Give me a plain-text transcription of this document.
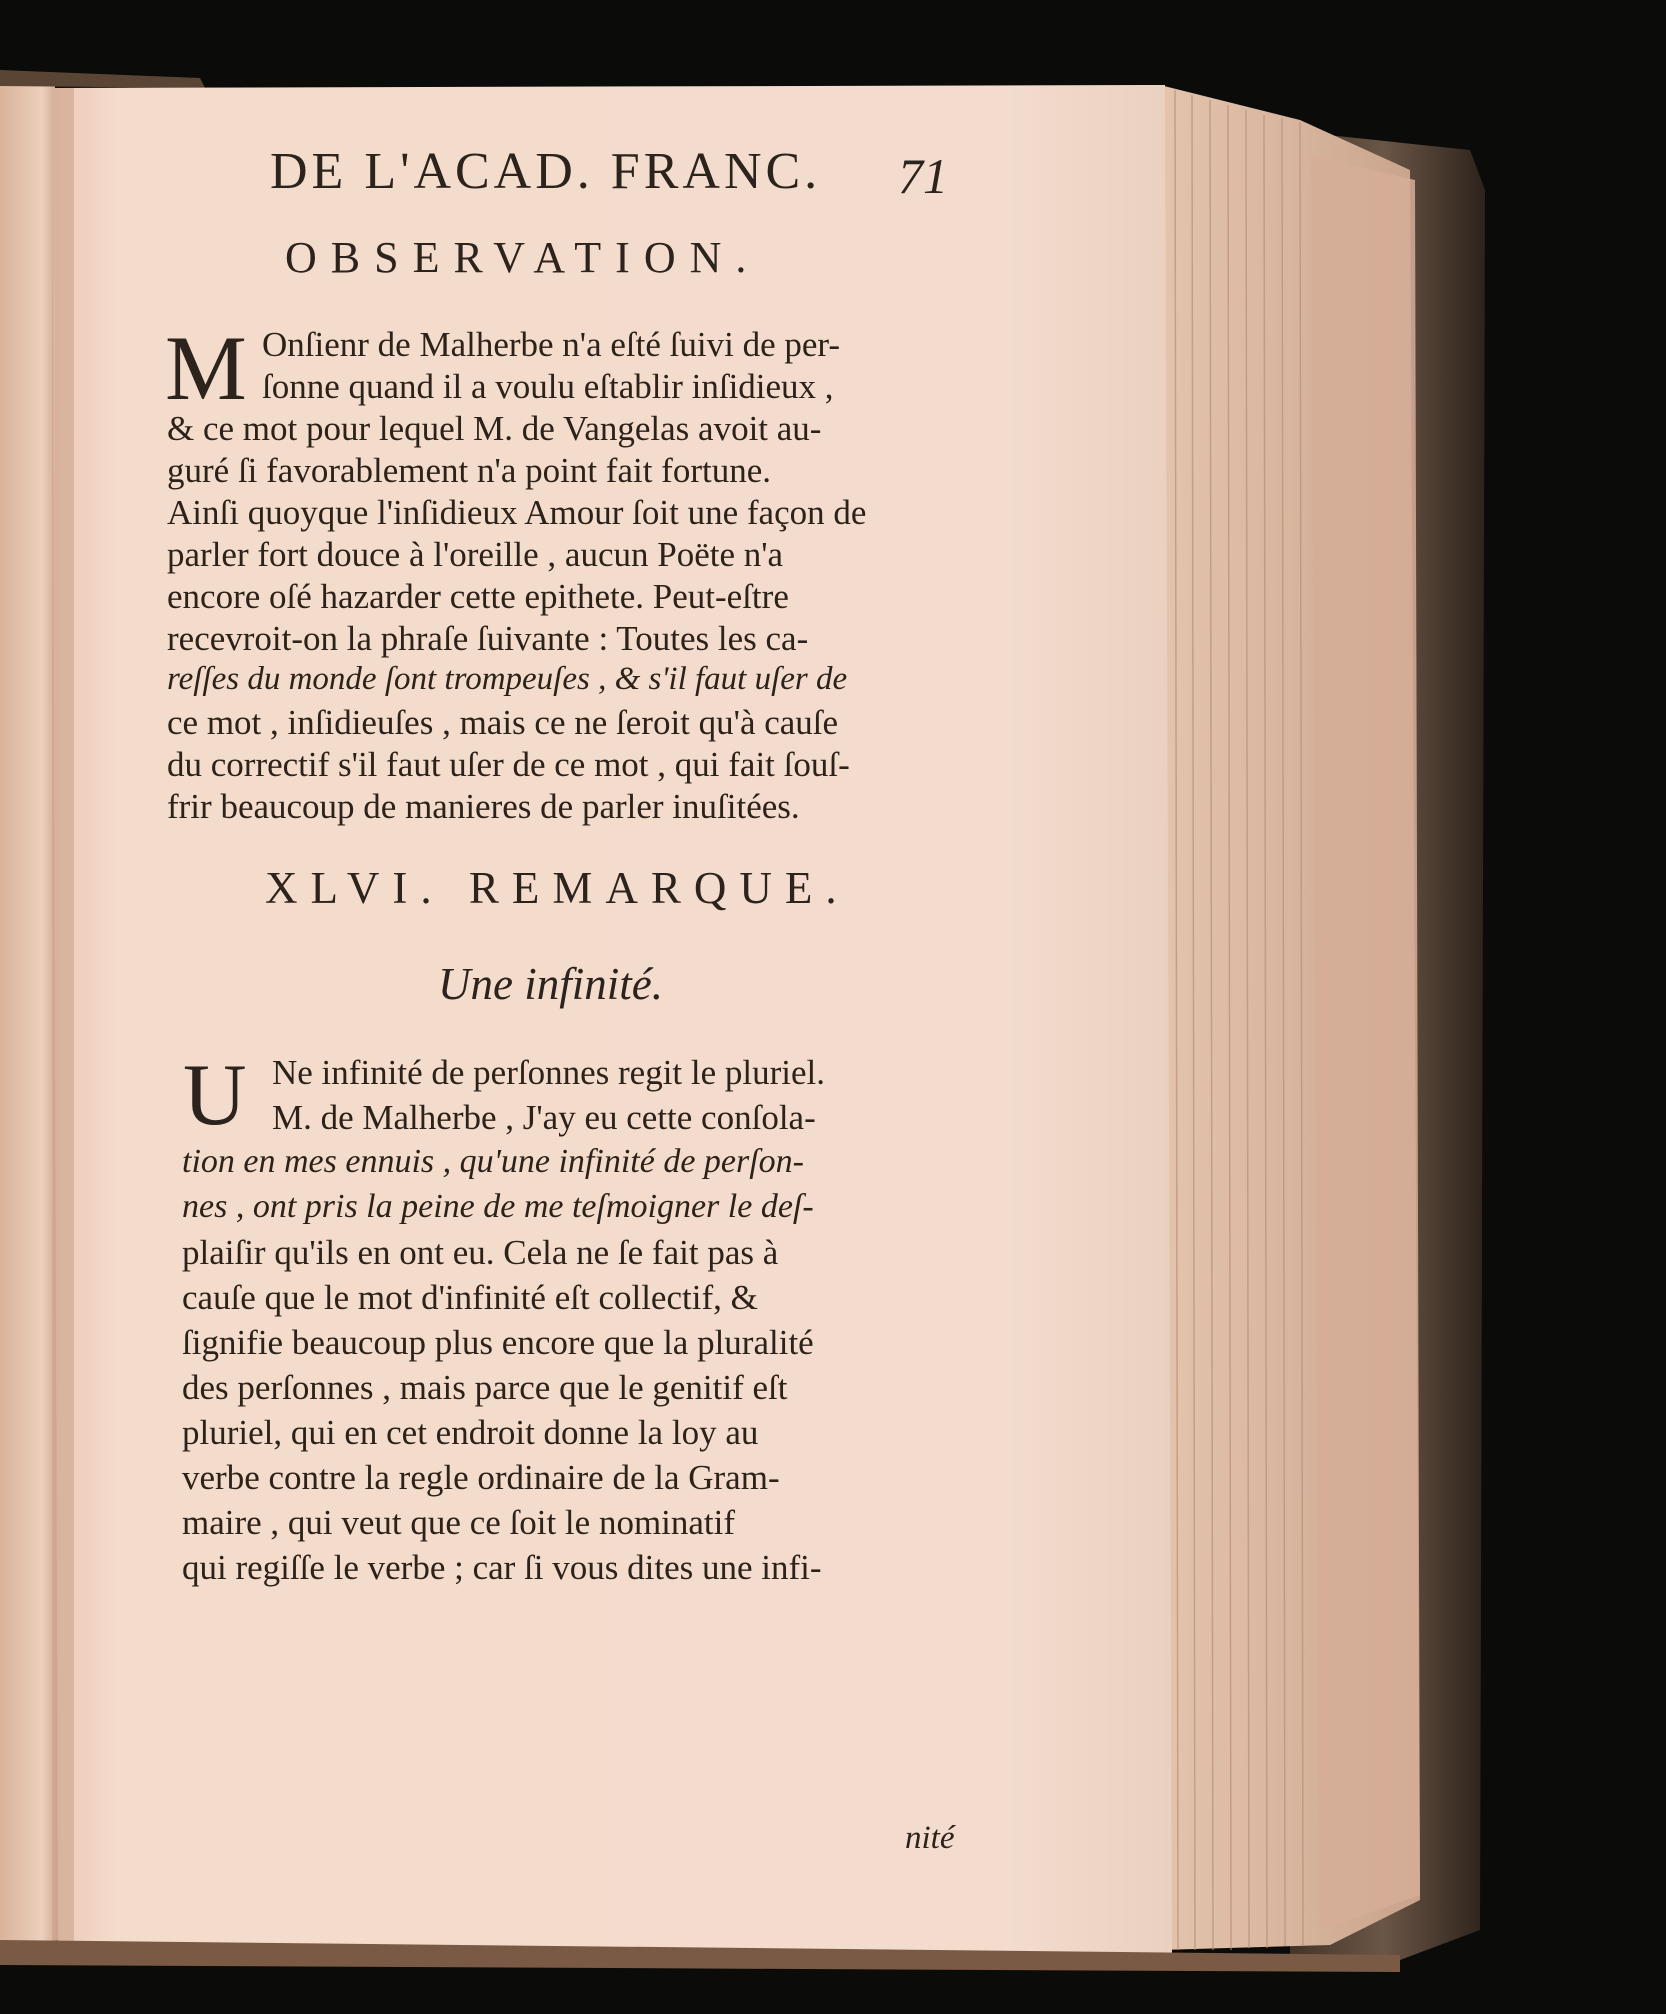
DE L'ACAD. FRANC.	71
OBSERVATION.
M Onſienr de Malherbe n'a eſté ſuivi de per-
ſonne quand il a voulu eſtablir inſidieux ,
& ce mot pour lequel M. de Vangelas avoit au-
guré ſi favorablement n'a point fait fortune.
Ainſi quoyque l'inſidieux Amour ſoit une façon de
parler fort douce à l'oreille , aucun Poëte n'a
encore oſé hazarder cette epithete. Peut-eſtre
recevroit-on la phraſe ſuivante : Toutes les ca-
reſſes du monde ſont trompeuſes , & s'il faut uſer de
ce mot , inſidieuſes , mais ce ne ſeroit qu'à cauſe
du correctif s'il faut uſer de ce mot , qui fait ſouſ-
frir beaucoup de manieres de parler inuſitées.
XLVI. REMARQUE.
Une infinité.
U Ne infinité de perſonnes regit le pluriel.
M. de Malherbe , J'ay eu cette conſola-
tion en mes ennuis , qu'une infinité de perſon-
nes , ont pris la peine de me teſmoigner le deſ-
plaiſir qu'ils en ont eu. Cela ne ſe fait pas à
cauſe que le mot d'infinité eſt collectif, &
ſignifie beaucoup plus encore que la pluralité
des perſonnes , mais parce que le genitif eſt
pluriel, qui en cet endroit donne la loy au
verbe contre la regle ordinaire de la Gram-
maire , qui veut que ce ſoit le nominatif
qui regiſſe le verbe ; car ſi vous dites une infi-
nité
